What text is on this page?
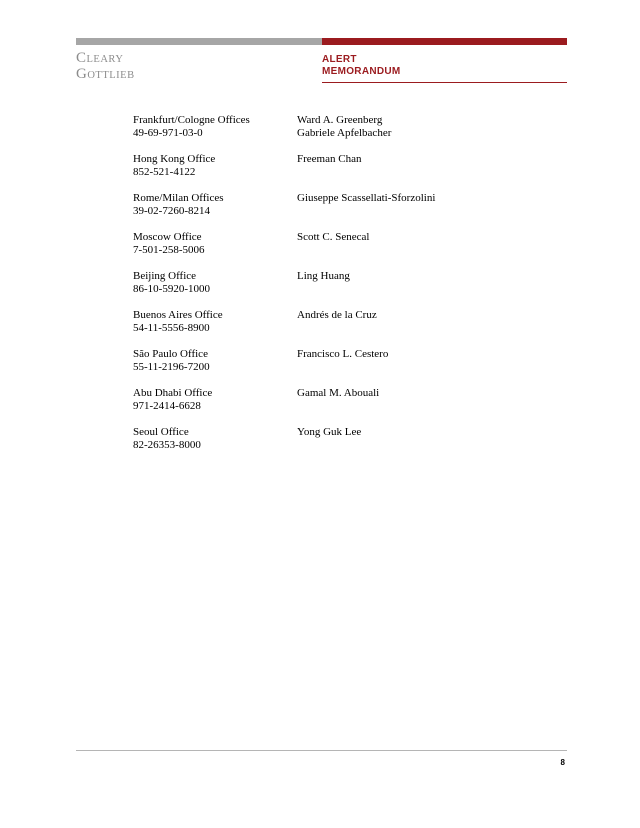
CLEARY
GOTTLIEB
ALERT
MEMORANDUM
Frankfurt/Cologne Offices
49-69-971-03-0
Ward A. Greenberg
Gabriele Apfelbacher
Hong Kong Office
852-521-4122
Freeman Chan
Rome/Milan Offices
39-02-7260-8214
Giuseppe Scassellati-Sforzolini
Moscow Office
7-501-258-5006
Scott C. Senecal
Beijing Office
86-10-5920-1000
Ling Huang
Buenos Aires Office
54-11-5556-8900
Andrés de la Cruz
São Paulo Office
55-11-2196-7200
Francisco L. Cestero
Abu Dhabi Office
971-2414-6628
Gamal M. Abouali
Seoul Office
82-26353-8000
Yong Guk Lee
8
